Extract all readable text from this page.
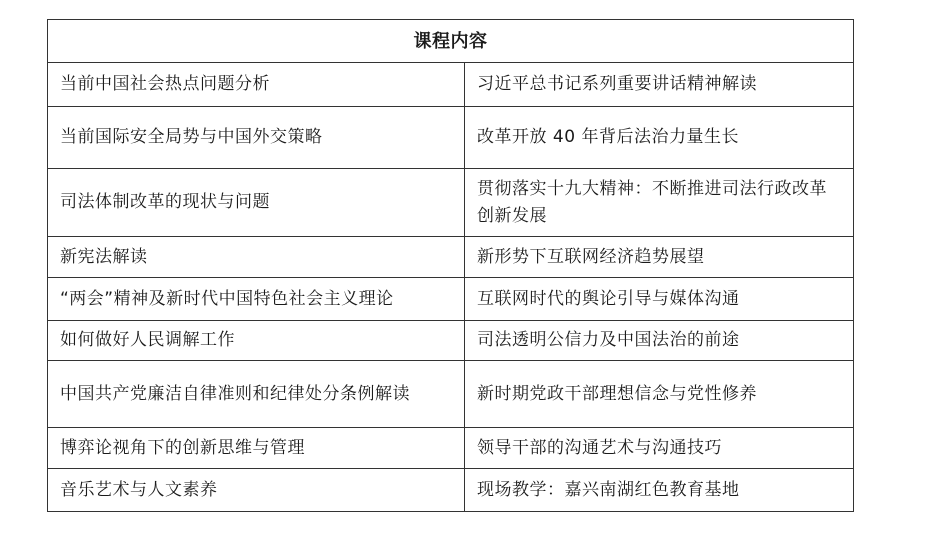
课程内容	
当前中国社会热点问题分析	习近平总书记系列重要讲话精神解读
当前国际安全局势与中国外交策略	改革开放 40 年背后法治力量生长
司法体制改革的现状与问题	贯彻落实十九大精神：不断推进司法行政改革创新发展
新宪法解读	新形势下互联网经济趋势展望
“两会”精神及新时代中国特色社会主义理论	互联网时代的舆论引导与媒体沟通
如何做好人民调解工作	司法透明公信力及中国法治的前途
中国共产党廉洁自律准则和纪律处分条例解读	新时期党政干部理想信念与党性修养
博弈论视角下的创新思维与管理	领导干部的沟通艺术与沟通技巧
音乐艺术与人文素养	现场教学：嘉兴南湖红色教育基地
